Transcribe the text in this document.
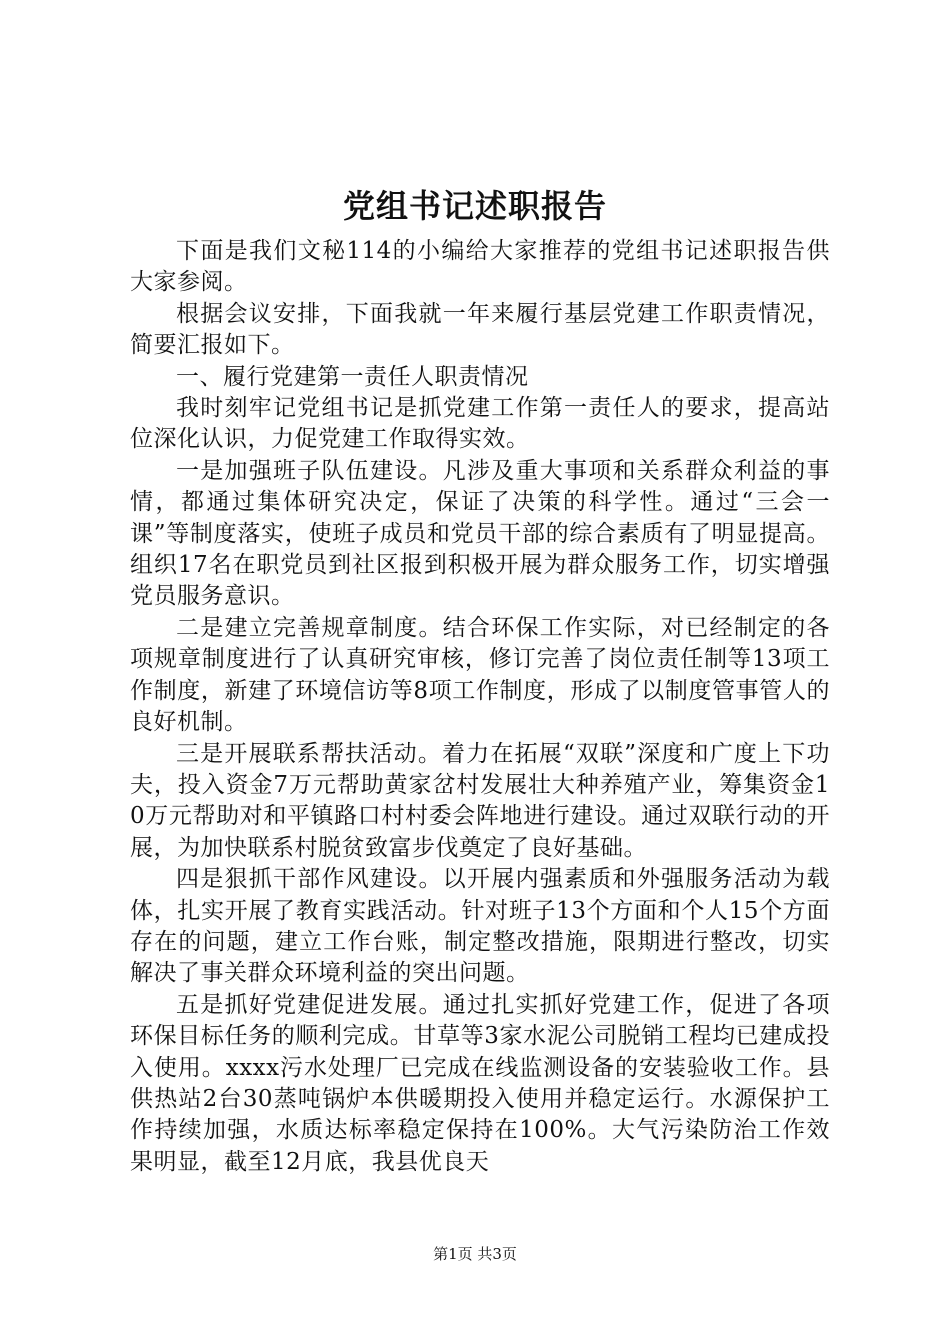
党组书记述职报告

下面是我们文秘114的小编给大家推荐的党组书记述职报告供大家参阅。

根据会议安排，下面我就一年来履行基层党建工作职责情况，简要汇报如下。

一、履行党建第一责任人职责情况

我时刻牢记党组书记是抓党建工作第一责任人的要求，提高站位深化认识，力促党建工作取得实效。

一是加强班子队伍建设。凡涉及重大事项和关系群众利益的事情，都通过集体研究决定，保证了决策的科学性。通过“三会一课”等制度落实，使班子成员和党员干部的综合素质有了明显提高。组织17名在职党员到社区报到积极开展为群众服务工作，切实增强党员服务意识。

二是建立完善规章制度。结合环保工作实际，对已经制定的各项规章制度进行了认真研究审核，修订完善了岗位责任制等13项工作制度，新建了环境信访等8项工作制度，形成了以制度管事管人的良好机制。

三是开展联系帮扶活动。着力在拓展“双联”深度和广度上下功夫，投入资金7万元帮助黄家岔村发展壮大种养殖产业，筹集资金10万元帮助对和平镇路口村村委会阵地进行建设。通过双联行动的开展，为加快联系村脱贫致富步伐奠定了良好基础。

四是狠抓干部作风建设。以开展内强素质和外强服务活动为载体，扎实开展了教育实践活动。针对班子13个方面和个人15个方面存在的问题，建立工作台账，制定整改措施，限期进行整改，切实解决了事关群众环境利益的突出问题。

五是抓好党建促进发展。通过扎实抓好党建工作，促进了各项环保目标任务的顺利完成。甘草等3家水泥公司脱销工程均已建成投入使用。xxxx污水处理厂已完成在线监测设备的安装验收工作。县供热站2台30蒸吨锅炉本供暖期投入使用并稳定运行。水源保护工作持续加强，水质达标率稳定保持在100%。大气污染防治工作效果明显，截至12月底，我县优良天

第1页 共3页
